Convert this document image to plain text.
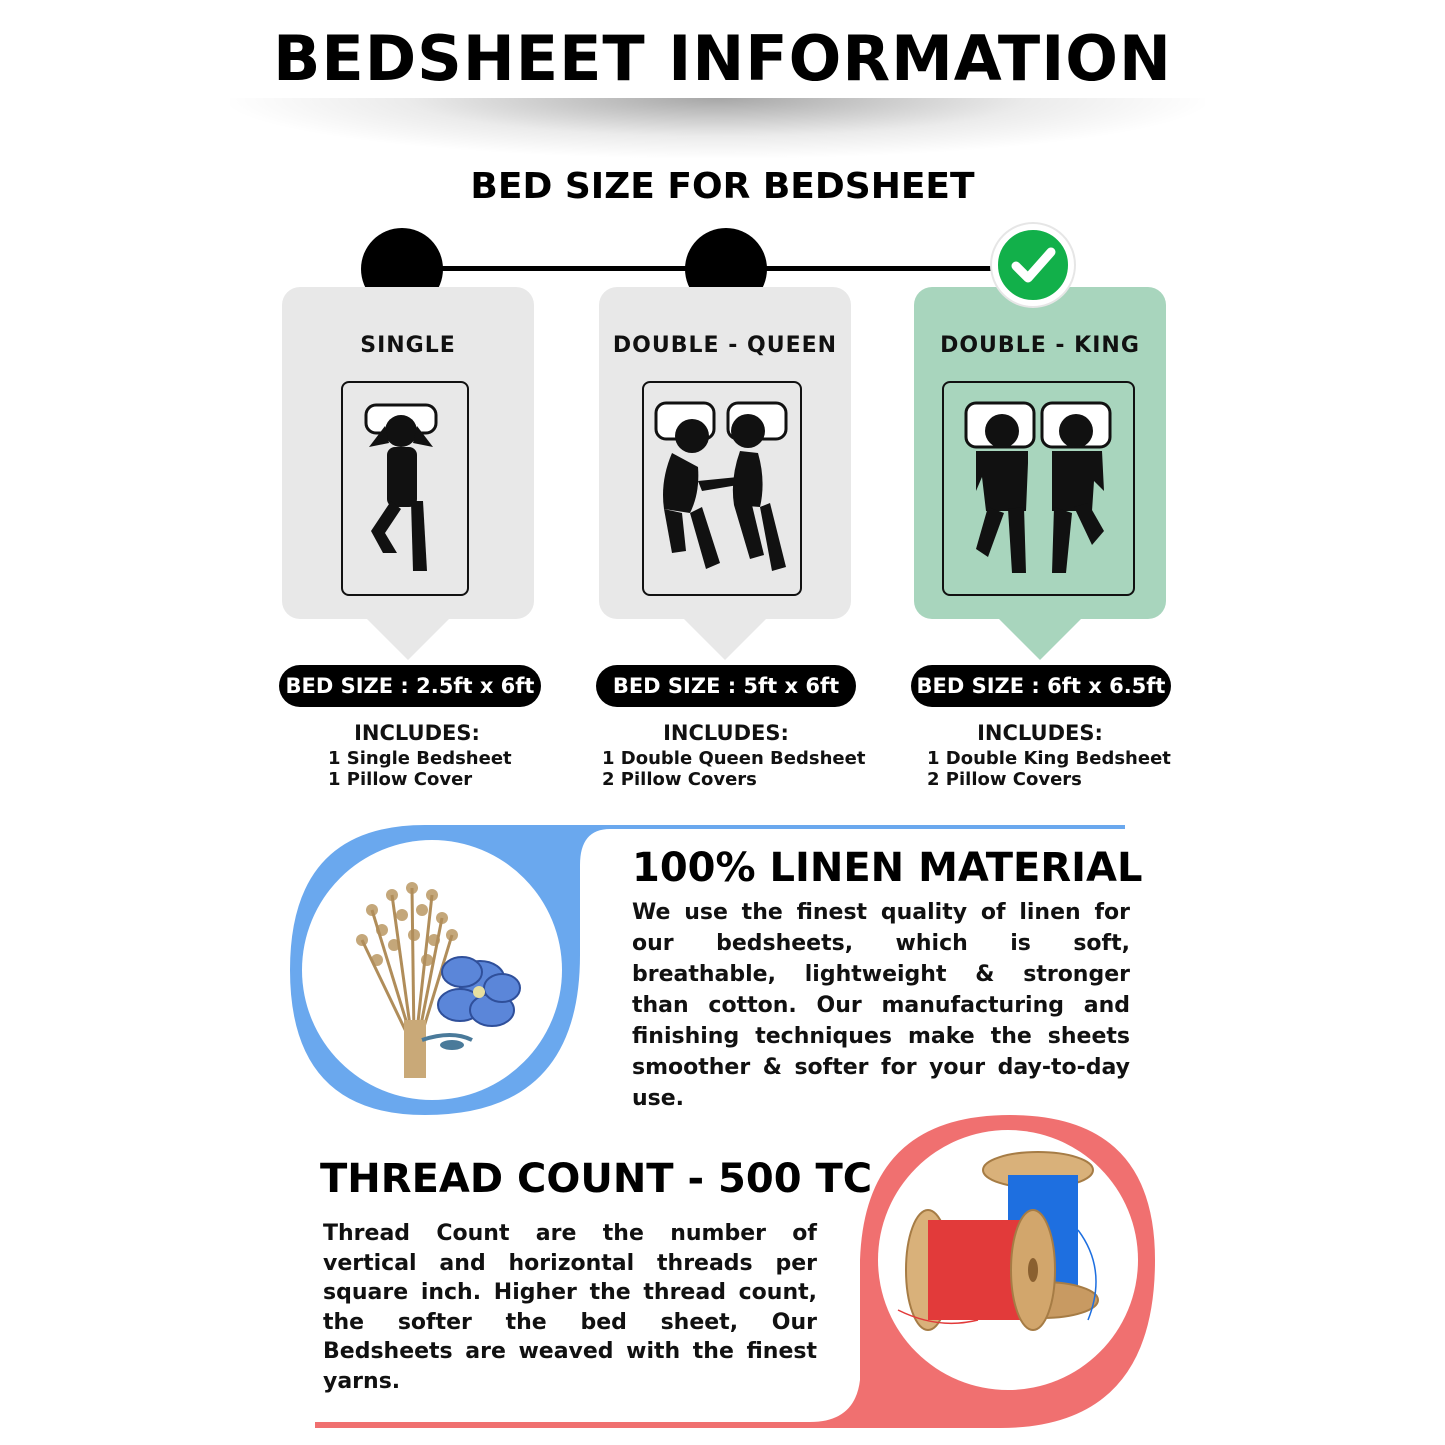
BEDSHEET INFORMATION
BED SIZE FOR BEDSHEET
SINGLE
BED SIZE : 2.5ft x 6ft
INCLUDES:
1 Single Bedsheet
1 Pillow Cover
DOUBLE - QUEEN
BED SIZE : 5ft x 6ft
INCLUDES:
1 Double Queen Bedsheet
2 Pillow Covers
DOUBLE - KING
BED SIZE : 6ft x 6.5ft
INCLUDES:
1 Double King Bedsheet
2 Pillow Covers
100% LINEN MATERIAL
We use the finest quality of linen for our bedsheets, which is soft, breathable, lightweight & stronger than cotton. Our manufacturing and finishing techniques make the sheets smoother & softer for your day-to-day use.
THREAD COUNT - 500 TC
Thread Count are the number of vertical and horizontal threads per square inch. Higher the thread count, the softer the bed sheet, Our Bedsheets are weaved with the finest yarns.
